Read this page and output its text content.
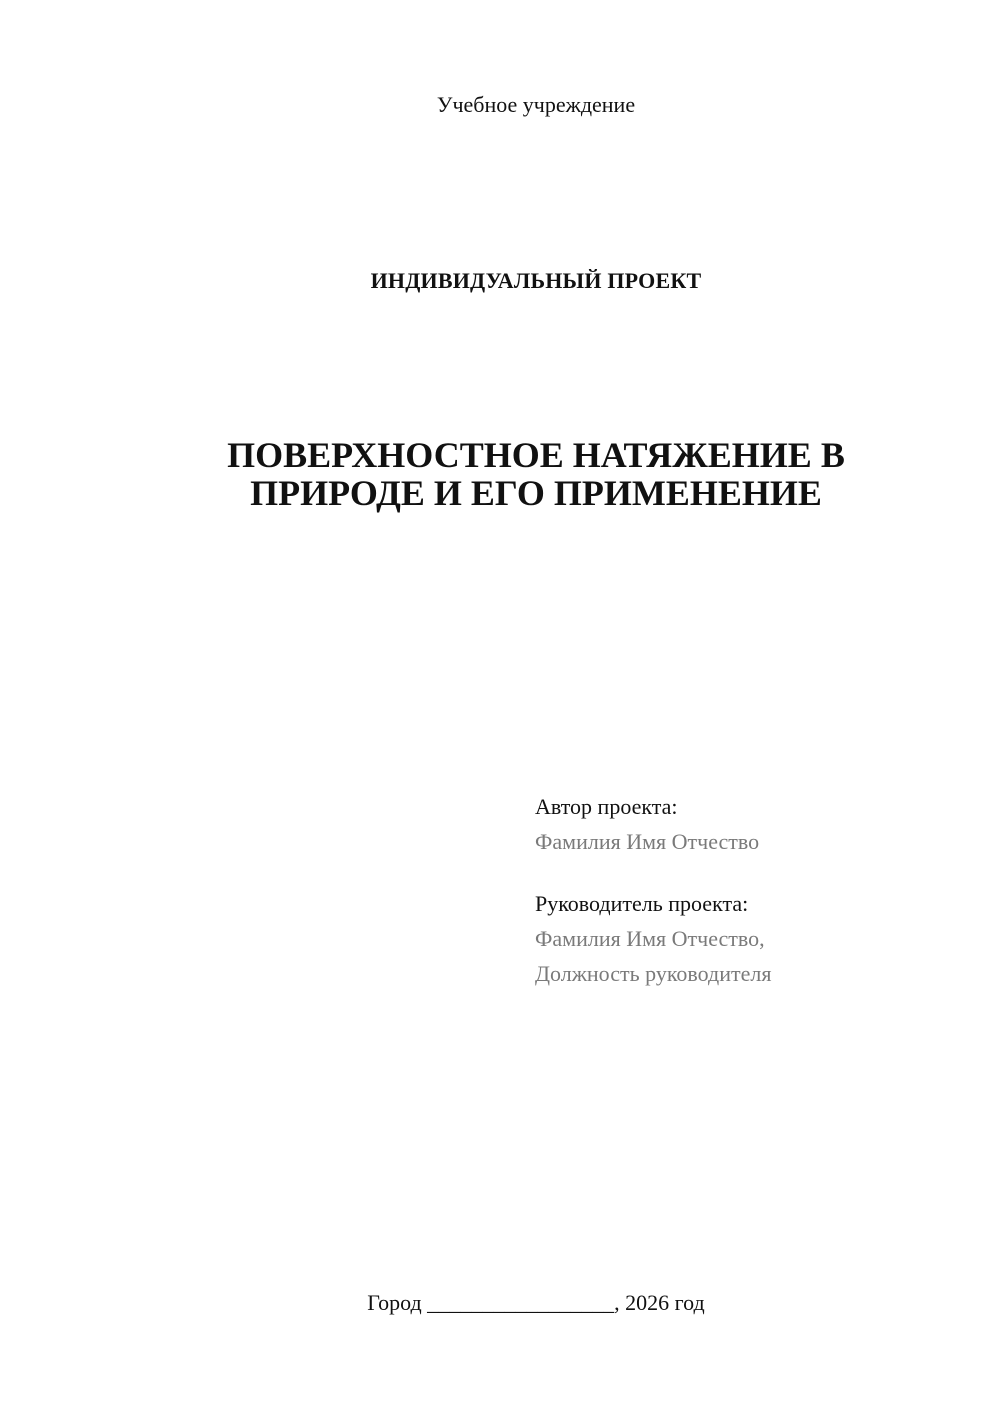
Учебное учреждение
ИНДИВИДУАЛЬНЫЙ ПРОЕКТ
ПОВЕРХНОСТНОЕ НАТЯЖЕНИЕ В
ПРИРОДЕ И ЕГО ПРИМЕНЕНИЕ
Автор проекта:
Фамилия Имя Отчество
Руководитель проекта:
Фамилия Имя Отчество,
Должность руководителя
Город _________________, 2026 год
